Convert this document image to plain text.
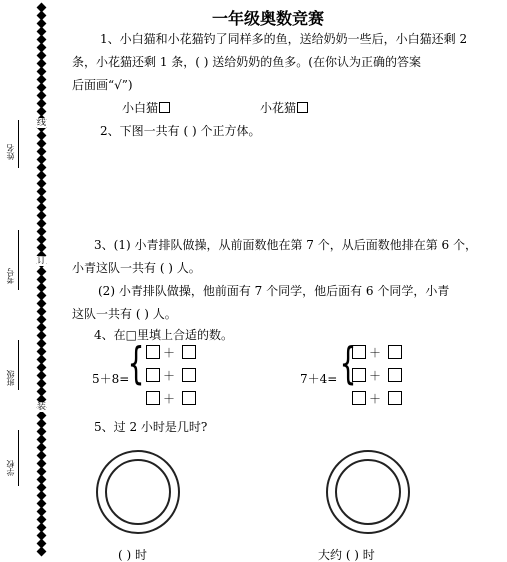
线
订
装
姓名
考号
班级
学校
一年级奥数竞赛
1、小白猫和小花猫钓了同样多的鱼，送给奶奶一些后，小白猫还剩 2
条，小花猫还剩 1 条，( ) 送给奶奶的鱼多。(在你认为正确的答案
后面画“√”)
小白猫	小花猫
2、下图一共有 ( ) 个正方体。
3、(1) 小青排队做操，从前面数他在第 7 个，从后面数他排在第 6 个，
小青这队一共有 ( ) 人。
(2) 小青排队做操，他前面有 7 个同学，他后面有 6 个同学，小青
这队一共有 ( ) 人。
4、在□里填上合适的数。
5＋8=
{	7＋4= {
5、过 2 小时是几时?
( ) 时	大约 ( ) 时
＋
＋
＋
＋
＋
＋
